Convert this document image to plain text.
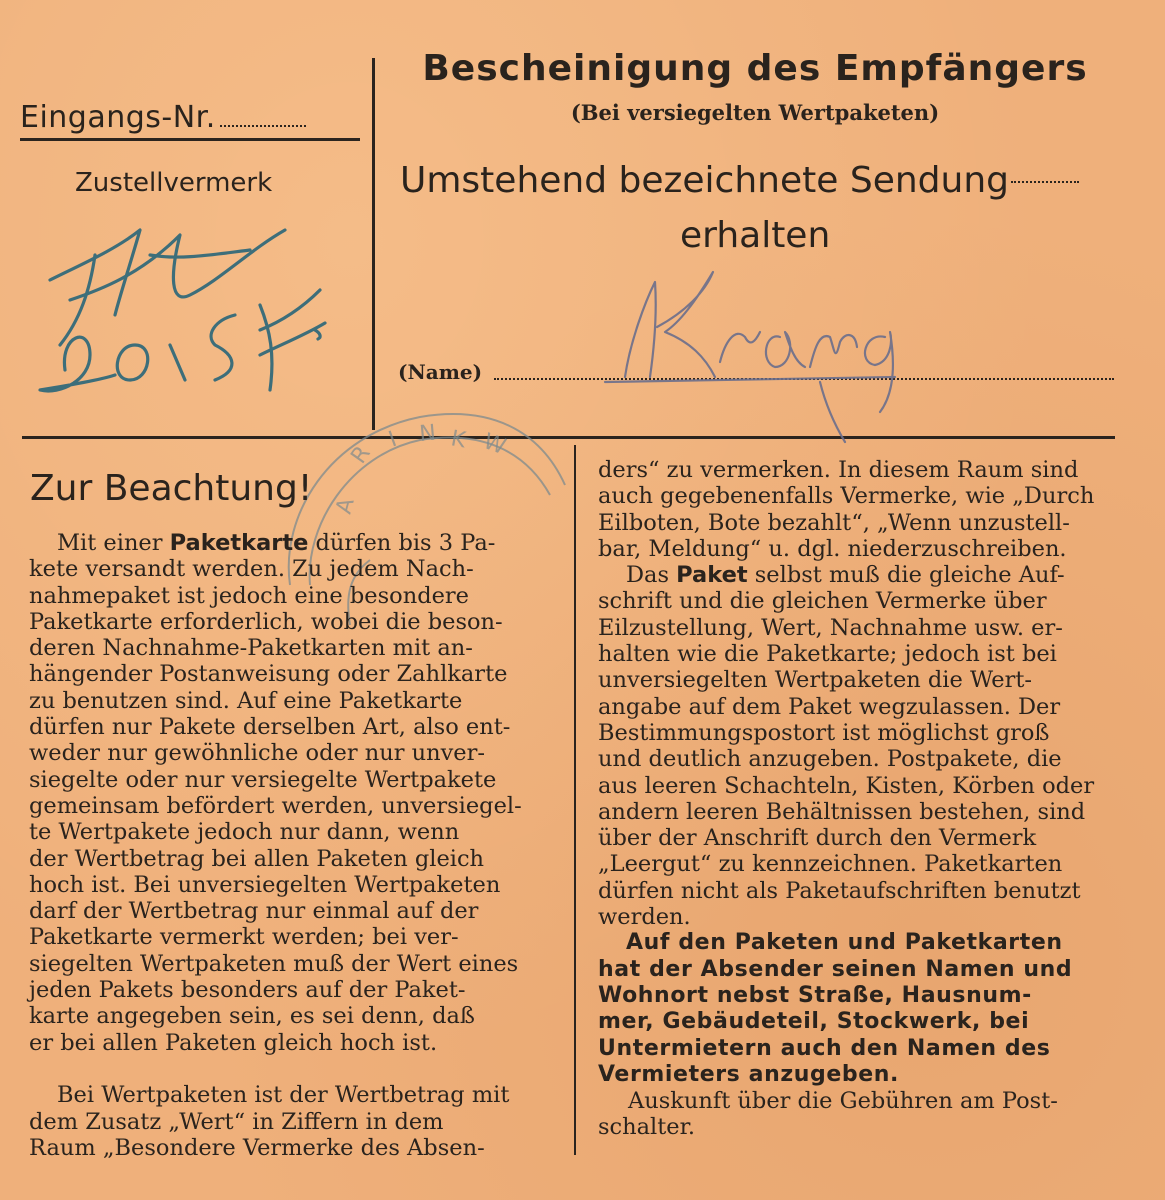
Eingangs-Nr.
Zustellvermerk
Bescheinigung des Empfängers
(Bei versiegelten Wertpaketen)
Umstehend bezeichnete Sendung
erhalten
(Name)
R
I N K W
A
Zur Beachtung!
Mit einer Paketkarte dürfen bis 3 Pa-
kete versandt werden. Zu jedem Nach-
nahmepaket ist jedoch eine besondere
Paketkarte erforderlich, wobei die beson-
deren Nachnahme-Paketkarten mit an-
hängender Postanweisung oder Zahlkarte
zu benutzen sind. Auf eine Paketkarte
dürfen nur Pakete derselben Art, also ent-
weder nur gewöhnliche oder nur unver-
siegelte oder nur versiegelte Wertpakete
gemeinsam befördert werden, unversiegel-
te Wertpakete jedoch nur dann, wenn
der Wertbetrag bei allen Paketen gleich
hoch ist. Bei unversiegelten Wertpaketen
darf der Wertbetrag nur einmal auf der
Paketkarte vermerkt werden; bei ver-
siegelten Wertpaketen muß der Wert eines
jeden Pakets besonders auf der Paket-
karte angegeben sein, es sei denn, daß
er bei allen Paketen gleich hoch ist.
Bei Wertpaketen ist der Wertbetrag mit
dem Zusatz „Wert“ in Ziffern in dem
Raum „Besondere Vermerke des Absen-
ders“ zu vermerken. In diesem Raum sind
auch gegebenenfalls Vermerke, wie „Durch
Eilboten, Bote bezahlt“, „Wenn unzustell-
bar, Meldung“ u. dgl. niederzuschreiben.
Das Paket selbst muß die gleiche Auf-
schrift und die gleichen Vermerke über
Eilzustellung, Wert, Nachnahme usw. er-
halten wie die Paketkarte; jedoch ist bei
unversiegelten Wertpaketen die Wert-
angabe auf dem Paket wegzulassen. Der
Bestimmungspostort ist möglichst groß
und deutlich anzugeben. Postpakete, die
aus leeren Schachteln, Kisten, Körben oder
andern leeren Behältnissen bestehen, sind
über der Anschrift durch den Vermerk
„Leergut“ zu kennzeichnen. Paketkarten
dürfen nicht als Paketaufschriften benutzt
werden.
Auf den Paketen und Paketkarten
hat der Absender seinen Namen und
Wohnort nebst Straße, Hausnum-
mer, Gebäudeteil, Stockwerk, bei
Untermietern auch den Namen des
Vermieters anzugeben.
Auskunft über die Gebühren am Post-
schalter.
